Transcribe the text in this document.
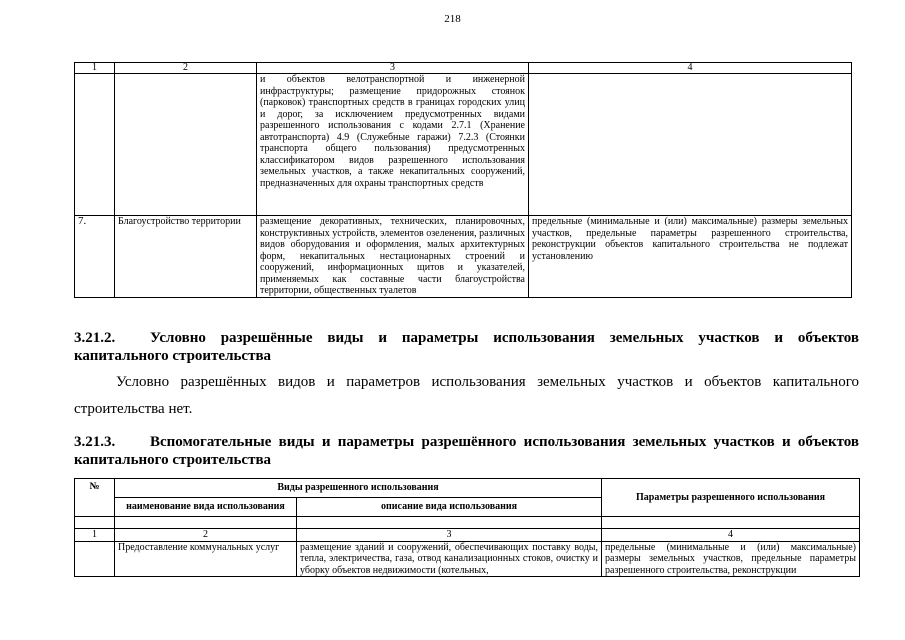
218
1	2	3	4
		и объектов велотранспортной и инженерной инфраструктуры; размещение придорожных стоянок (парковок) транспортных средств в границах городских улиц и дорог, за исключением предусмотренных видами разрешенного использования с кодами 2.7.1 (Хранение автотранспорта) 4.9 (Служебные гаражи) 7.2.3 (Стоянки транспорта общего пользования) предусмотренных классификатором видов разрешенного использования земельных участков, а также некапитальных сооружений, предназначенных для охраны транспортных средств	
7.	Благоустройство территории	размещение декоративных, технических, планировочных, конструктивных устройств, элементов озеленения, различных видов оборудования и оформления, малых архитектурных форм, некапитальных нестационарных строений и сооружений, информационных щитов и указателей, применяемых как составные части благоустройства территории, общественных туалетов	предельные (минимальные и (или) максимальные) размеры земельных участков, предельные параметры разрешенного строительства, реконструкции объектов капитального строительства не подлежат установлению
3.21.2.	Условно разрешённые виды и параметры использования земельных участков и объектов
капитального строительства
Условно разрешённых видов и параметров использования земельных участков и объектов капитального
строительства нет.
3.21.3.	Вспомогательные виды и параметры разрешённого использования земельных участков и объектов
капитального строительства
№	Виды разрешенного использования		Параметры разрешенного использования
	наименование вида использования	описание вида использования	

1	2	3	4
	Предоставление коммунальных услуг	размещение зданий и сооружений, обеспечивающих поставку воды, тепла, электричества, газа, отвод канализационных стоков, очистку и уборку объектов недвижимости (котельных,	предельные (минимальные и (или) максимальные) размеры земельных участков, предельные параметры разрешенного строительства, реконструкции
